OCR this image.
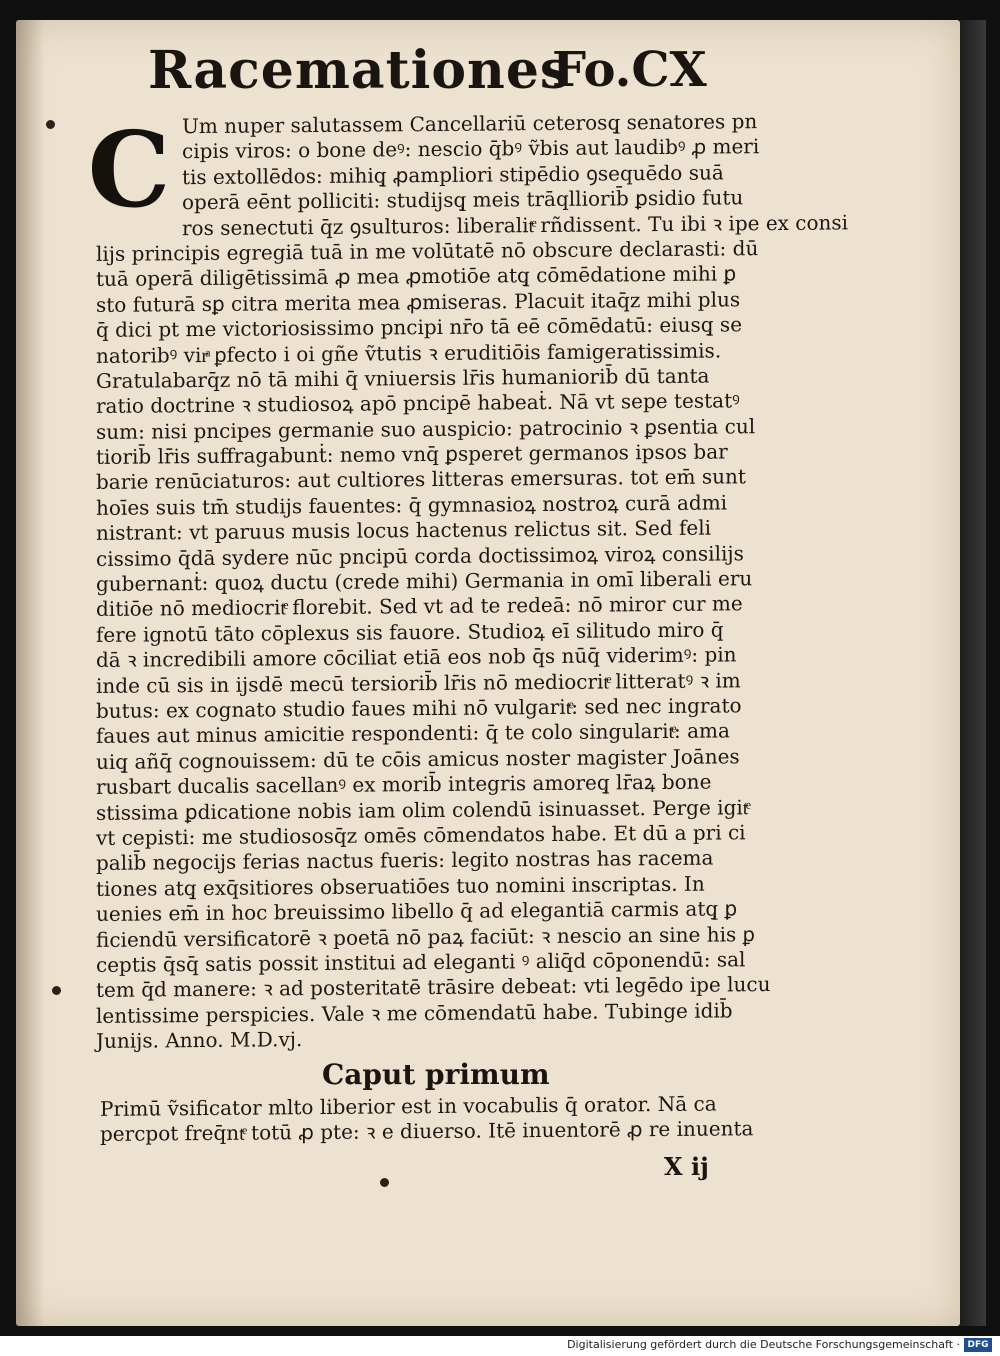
Racemationes
Fo.CX
C Um nuper salutassem Cancellariū ceterosq̧ senatores pn
cipis viros: o bone deꝰ: nescio q̄bꝰ ṽbis aut laudibꝰ ꝓ meri
tis extollēdos: mihiq̧ ꝓampliori stipēdio ꝯsequēdo suā
operā eēnt polliciti: studijsq̧ meis trāqlliorib̄ ꝑsidio futu
ros senectuti q̄z ꝯsulturos: liberalitͤ rñdissent. Tu ibi ꝛ ipe ex consi
lijs principis egregiā tuā in me volūtatē nō obscure declarasti: dū
tuā operā diligētissimā ꝓ mea ꝓmotiōe atq̧ cōmēdatione mihi ꝑ
sto futurā sꝑ citra merita mea ꝓmiseras. Placuit itaq̄z mihi plus
q̄ dici pt me victoriosissimo pncipi nr̄o tā eē cōmēdatū: eiusq̧ se
natoribꝰ virͣ ꝑfecto i oi gñe ṽtutis ꝛ eruditiōis famigeratissimis.
Gratulabarq̄z nō tā mihi q̄ vniuersis lr̄is humaniorib̄ dū tanta
ratio doctrine ꝛ studiosoꝝ apō pncipē habeaṫ. Nā vt sepe testatꝰ
sum: nisi pncipes germanie suo auspicio: patrocinio ꝛ ꝑsentia cul
tiorib̄ lr̄is suffragabunṫ: nemo vnq̄ ꝑsperet germanos ipsos bar
barie renūciaturos: aut cultiores litteras emersuras. tot em̄ sunt
hoīes suis tm̄ studijs fauentes: q̄ gymnasioꝝ nostroꝝ curā admi
nistrant: vt paruus musis locus hactenus relictus sit. Sed feli
cissimo q̄dā sydere nūc pncipū corda doctissimoꝝ viroꝝ consilijs
gubernanṫ: quoꝝ ductu (crede mihi) Germania in omī liberali eru
ditiōe nō mediocritͤ florebit. Sed vt ad te redeā: nō miror cur me
fere ignotū tāto cōplexus sis fauore. Studioꝝ eī silitudo miro q̄
dā ꝛ incredibili amore cōciliat etiā eos nob q̄s nūq̄ viderimꝰ: pin
inde cū sis in ijsdē mecū tersiorib̄ lr̄is nō mediocritͤ litteratꝰ ꝛ im
butus: ex cognato studio faues mihi nō vulgaritͤ: sed nec ingrato
faues aut minus amicitie respondenti: q̄ te colo singularitͤ: ama
uiq̧ añq̄ cognouissem: dū te cōis amicus noster magister Joānes
rusbart ducalis sacellanꝰ ex morib̄ integris amoreq̧ lr̄aꝝ bone
stissima ꝑdicatione nobis iam olim colendū isinuasset. Perge igitͤ
vt cepisti: me studiososq̄z omēs cōmendatos habe. Et dū a pri ci
palib̄ negocijs ferias nactus fueris: legito nostras has racema
tiones atq̧ exq̄sitiores obseruatiōes tuo nomini inscriptas. In
uenies em̄ in hoc breuissimo libello q̄ ad elegantiā carmis atq̧ ꝑ
ficiendū versificatorē ꝛ poetā nō paꝝ faciūt: ꝛ nescio an sine his ꝑ
ceptis q̄sq̄ satis possit institui ad eleganti ꝰ aliq̄d cōponendū: sal
tem q̄d manere: ꝛ ad posteritatē trāsire debeat: vti legēdo ipe lucu
lentissime perspicies. Vale ꝛ me cōmendatū habe. Tubinge idib̄
Junijs. Anno. M.D.vj.
Caput primum
Primū ṽsificator mlto liberior est in vocabulis q̄ orator. Nā ca
percpot freq̄ntͤ totū ꝓ pte: ꝛ e diuerso. Itē inuentorē ꝓ re inuenta
X ij
Digitalisierung gefördert durch die Deutsche Forschungsgemeinschaft · DFG
